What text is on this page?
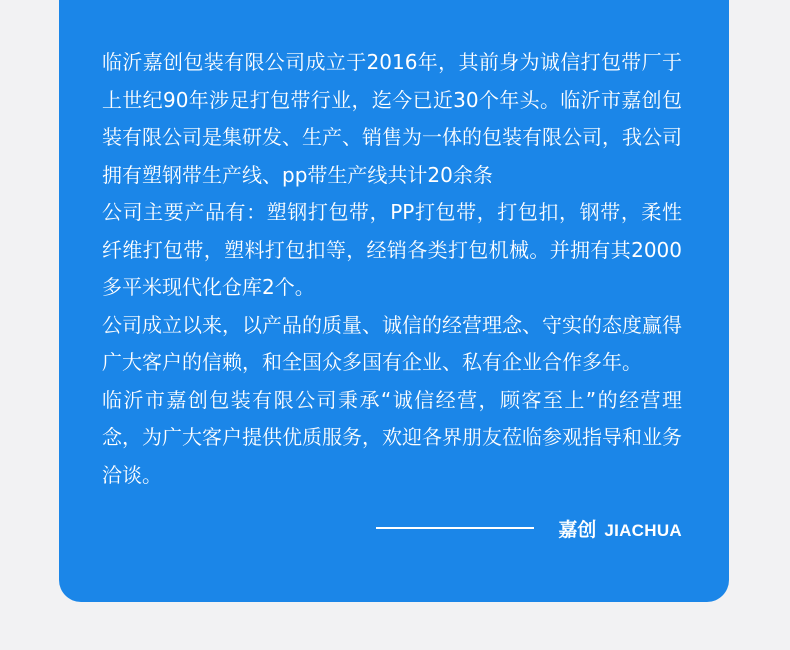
临沂嘉创包装有限公司成立于2016年，其前身为诚信打包带厂于上世纪90年涉足打包带行业，迄今已近30个年头。临沂市嘉创包装有限公司是集研发、生产、销售为一体的包装有限公司，我公司拥有塑钢带生产线、pp带生产线共计20余条

公司主要产品有：塑钢打包带，PP打包带，打包扣，钢带，柔性纤维打包带，塑料打包扣等，经销各类打包机械。并拥有其2000多平米现代化仓库2个。

公司成立以来，以产品的质量、诚信的经营理念、守实的态度赢得广大客户的信赖，和全国众多国有企业、私有企业合作多年。

临沂市嘉创包装有限公司秉承“诚信经营，顾客至上”的经营理念，为广大客户提供优质服务，欢迎各界朋友莅临参观指导和业务洽谈。

嘉创 JIACHUA
